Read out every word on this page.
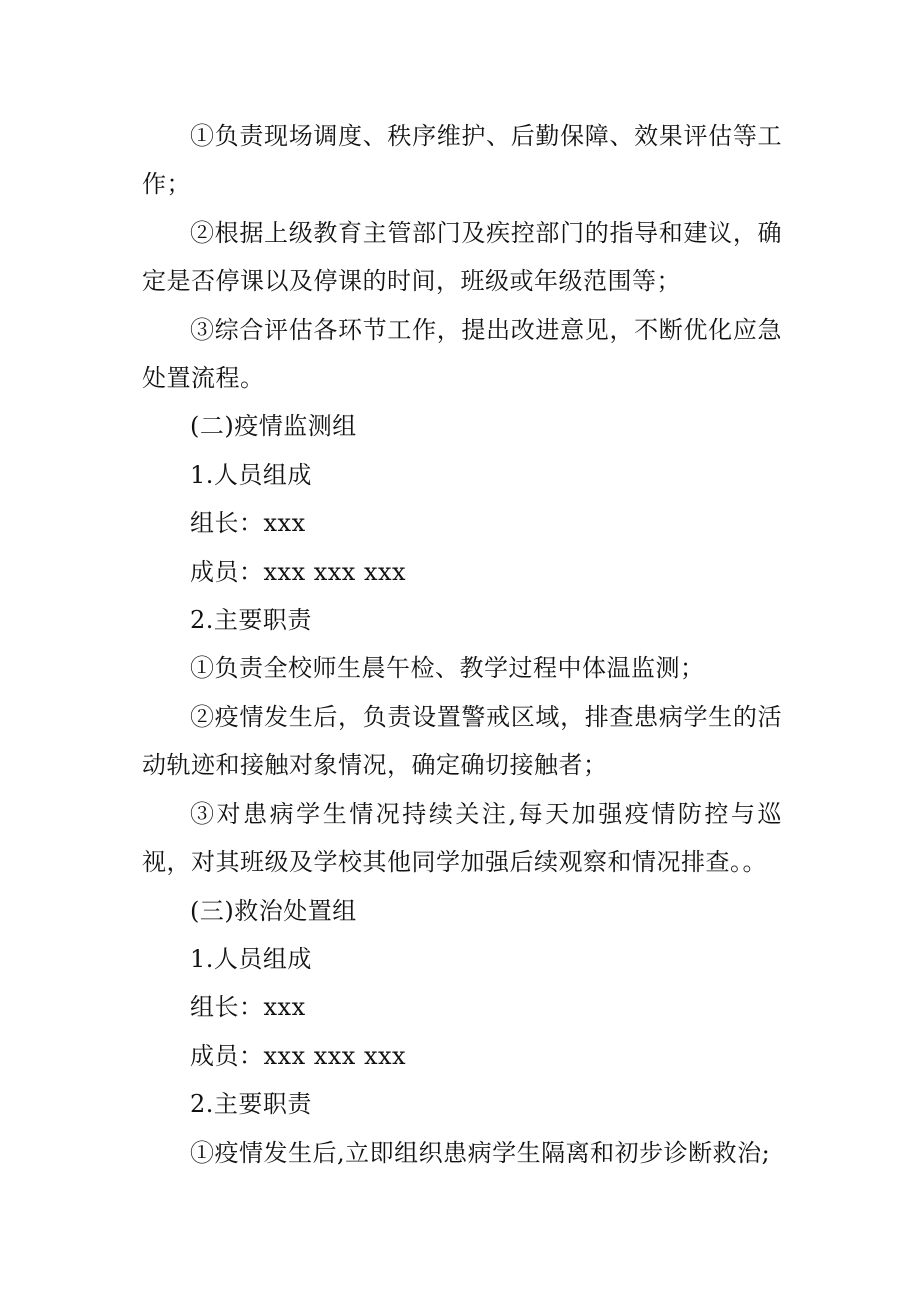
①负责现场调度、秩序维护、后勤保障、效果评估等工作；

②根据上级教育主管部门及疾控部门的指导和建议，确定是否停课以及停课的时间，班级或年级范围等；

③综合评估各环节工作，提出改进意见，不断优化应急处置流程。

(二)疫情监测组

1.人员组成

组长：xxx

成员：xxx xxx xxx

2.主要职责

①负责全校师生晨午检、教学过程中体温监测；

②疫情发生后，负责设置警戒区域，排查患病学生的活动轨迹和接触对象情况，确定确切接触者；

③对患病学生情况持续关注,每天加强疫情防控与巡视，对其班级及学校其他同学加强后续观察和情况排查。。

(三)救治处置组

1.人员组成

组长：xxx

成员：xxx xxx xxx

2.主要职责

①疫情发生后,立即组织患病学生隔离和初步诊断救治;
